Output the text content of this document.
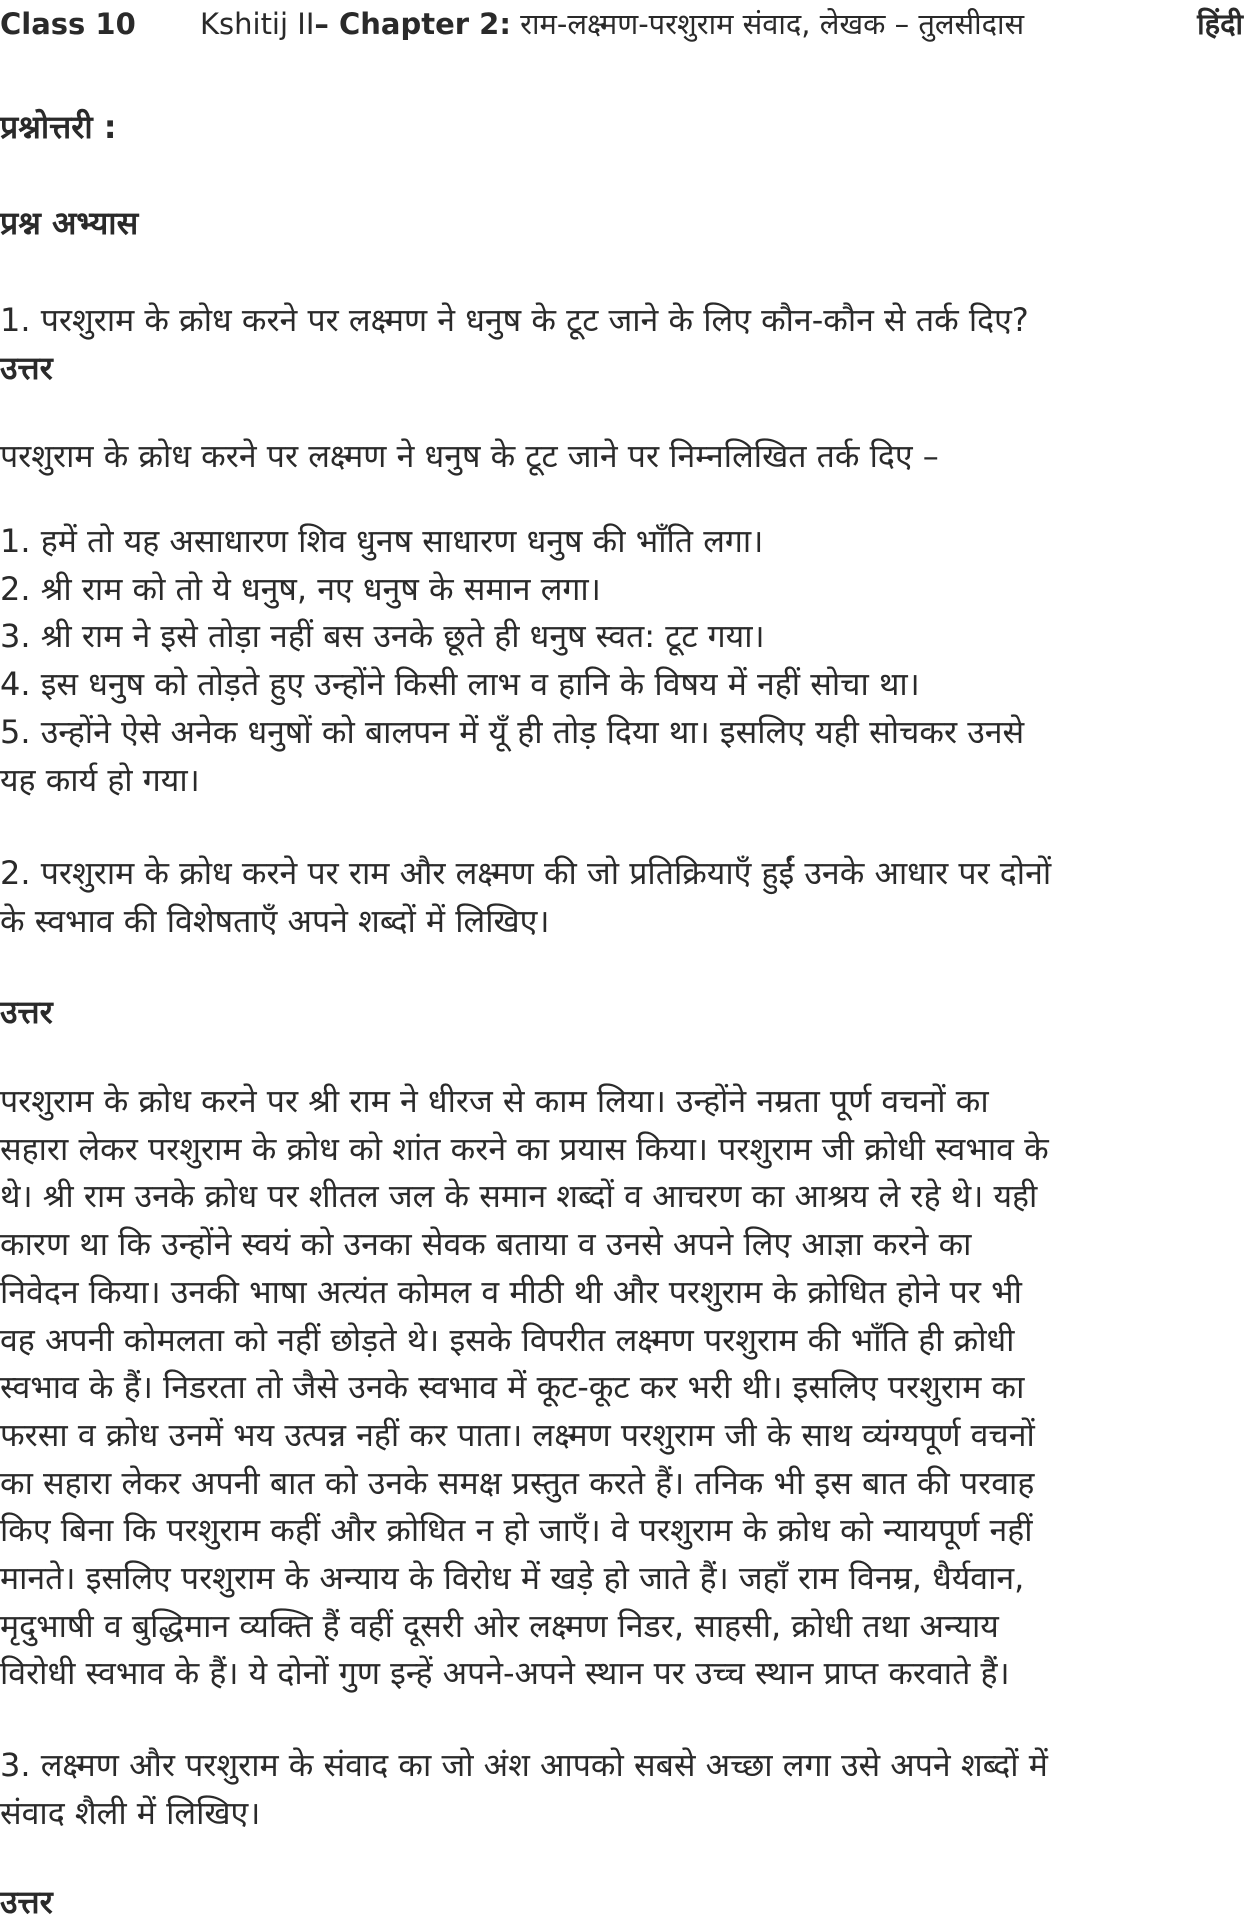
Class 10 Kshitij II– Chapter 2: राम-लक्ष्मण-परशुराम संवाद, लेखक – तुलसीदास	हिंदी
प्रश्नोत्तरी :
प्रश्न अभ्यास
1. परशुराम के क्रोध करने पर लक्ष्मण ने धनुष के टूट जाने के लिए कौन-कौन से तर्क दिए?
उत्तर
परशुराम के क्रोध करने पर लक्ष्मण ने धनुष के टूट जाने पर निम्नलिखित तर्क दिए –
1. हमें तो यह असाधारण शिव धुनष साधारण धनुष की भाँति लगा।
2. श्री राम को तो ये धनुष, नए धनुष के समान लगा।
3. श्री राम ने इसे तोड़ा नहीं बस उनके छूते ही धनुष स्वत: टूट गया।
4. इस धनुष को तोड़ते हुए उन्होंने किसी लाभ व हानि के विषय में नहीं सोचा था।
5. उन्होंने ऐसे अनेक धनुषों को बालपन में यूँ ही तोड़ दिया था। इसलिए यही सोचकर उनसे
यह कार्य हो गया।
2. परशुराम के क्रोध करने पर राम और लक्ष्मण की जो प्रतिक्रियाएँ हुईं उनके आधार पर दोनों
के स्वभाव की विशेषताएँ अपने शब्दों में लिखिए।
उत्तर
परशुराम के क्रोध करने पर श्री राम ने धीरज से काम लिया। उन्होंने नम्रता पूर्ण वचनों का
सहारा लेकर परशुराम के क्रोध को शांत करने का प्रयास किया। परशुराम जी क्रोधी स्वभाव के
थे। श्री राम उनके क्रोध पर शीतल जल के समान शब्दों व आचरण का आश्रय ले रहे थे। यही
कारण था कि उन्होंने स्वयं को उनका सेवक बताया व उनसे अपने लिए आज्ञा करने का
निवेदन किया। उनकी भाषा अत्यंत कोमल व मीठी थी और परशुराम के क्रोधित होने पर भी
वह अपनी कोमलता को नहीं छोड़ते थे। इसके विपरीत लक्ष्मण परशुराम की भाँति ही क्रोधी
स्वभाव के हैं। निडरता तो जैसे उनके स्वभाव में कूट-कूट कर भरी थी। इसलिए परशुराम का
फरसा व क्रोध उनमें भय उत्पन्न नहीं कर पाता। लक्ष्मण परशुराम जी के साथ व्यंग्यपूर्ण वचनों
का सहारा लेकर अपनी बात को उनके समक्ष प्रस्तुत करते हैं। तनिक भी इस बात की परवाह
किए बिना कि परशुराम कहीं और क्रोधित न हो जाएँ। वे परशुराम के क्रोध को न्यायपूर्ण नहीं
मानते। इसलिए परशुराम के अन्याय के विरोध में खड़े हो जाते हैं। जहाँ राम विनम्र, धैर्यवान,
मृदुभाषी व बुद्धिमान व्यक्ति हैं वहीं दूसरी ओर लक्ष्मण निडर, साहसी, क्रोधी तथा अन्याय
विरोधी स्वभाव के हैं। ये दोनों गुण इन्हें अपने-अपने स्थान पर उच्च स्थान प्राप्त करवाते हैं।
3. लक्ष्मण और परशुराम के संवाद का जो अंश आपको सबसे अच्छा लगा उसे अपने शब्दों में
संवाद शैली में लिखिए।
उत्तर
